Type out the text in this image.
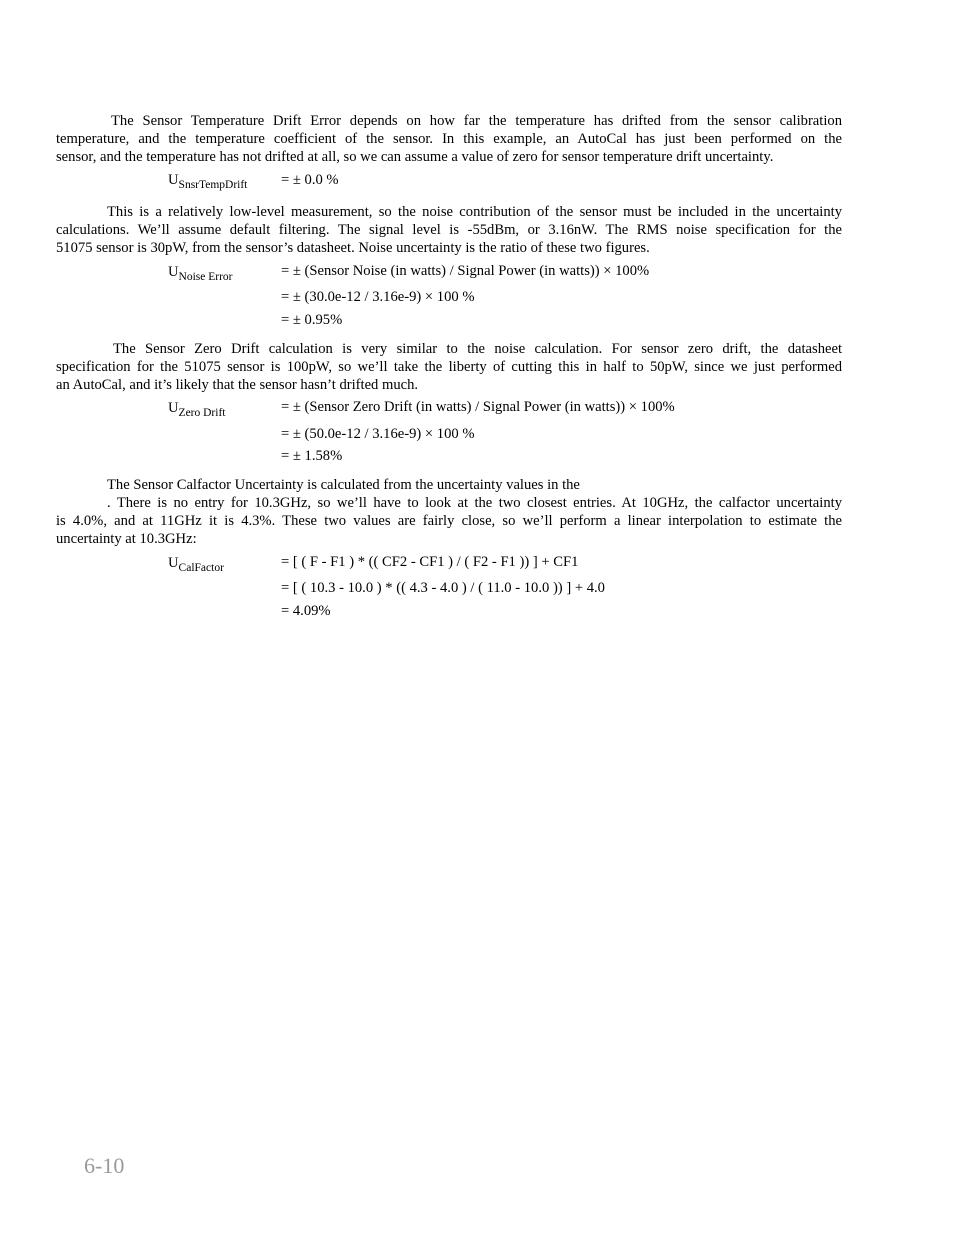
The Sensor Temperature Drift Error depends on how far the temperature has drifted from the sensor calibration
temperature, and the temperature coefficient of the sensor. In this example, an AutoCal has just been performed on the
sensor, and the temperature has not drifted at all, so we can assume a value of zero for sensor temperature drift uncertainty.
$U_{SnsrTempDrift}$ = ± 0.0 %
This is a relatively low-level measurement, so the noise contribution of the sensor must be included in the uncertainty
calculations. We’ll assume default filtering. The signal level is -55dBm, or 3.16nW. The RMS noise specification for the
51075 sensor is 30pW, from the sensor’s datasheet. Noise uncertainty is the ratio of these two figures.
$U_{Noise Error}$	= ± (Sensor Noise (in watts) / Signal Power (in watts)) × 100%
= ± (30.0e-12 / 3.16e-9) × 100 %
= ± 0.95%
The Sensor Zero Drift calculation is very similar to the noise calculation. For sensor zero drift, the datasheet
specification for the 51075 sensor is 100pW, so we’ll take the liberty of cutting this in half to 50pW, since we just performed
an AutoCal, and it’s likely that the sensor hasn’t drifted much.
$U_{Zero Drift}$	= ± (Sensor Zero Drift (in watts) / Signal Power (in watts)) × 100%
= ± (50.0e-12 / 3.16e-9) × 100 %
= ± 1.58%
The Sensor Calfactor Uncertainty is calculated from the uncertainty values in the
. There is no entry for 10.3GHz, so we’ll have to look at the two closest entries. At 10GHz, the calfactor uncertainty
is 4.0%, and at 11GHz it is 4.3%. These two values are fairly close, so we’ll perform a linear interpolation to estimate the
uncertainty at 10.3GHz:
$U_{CalFactor}$	= [ ( F - F1 ) * (( CF2 - CF1 ) / ( F2 - F1 )) ] + CF1
= [ ( 10.3 - 10.0 ) * (( 4.3 - 4.0 ) / ( 11.0 - 10.0 )) ] + 4.0
= 4.09%
6-10
